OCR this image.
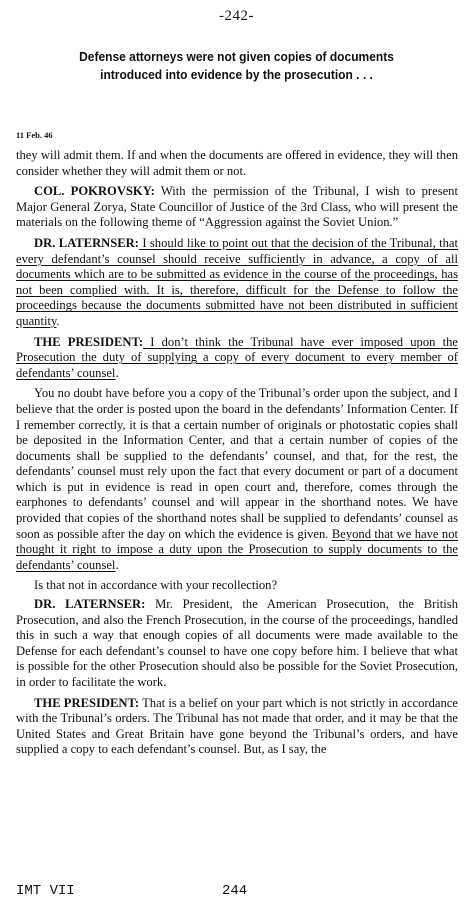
-242-
Defense attorneys were not given copies of documents
introduced into evidence by the prosecution . . .
11 Feb. 46

they will admit them. If and when the documents are offered in evidence, they will then consider whether they will admit them or not.

COL. POKROVSKY: With the permission of the Tribunal, I wish to present Major General Zorya, State Councillor of Justice of the 3rd Class, who will present the materials on the following theme of “Aggression against the Soviet Union.”

DR. LATERNSER: I should like to point out that the decision of the Tribunal, that every defendant’s counsel should receive sufficiently in advance, a copy of all documents which are to be submitted as evidence in the course of the proceedings, has not been complied with. It is, therefore, difficult for the Defense to follow the proceedings because the documents submitted have not been distributed in sufficient quantity.

THE PRESIDENT: I don’t think the Tribunal have ever imposed upon the Prosecution the duty of supplying a copy of every document to every member of defendants’ counsel.

You no doubt have before you a copy of the Tribunal’s order upon the subject, and I believe that the order is posted upon the board in the defendants’ Information Center. If I remember correctly, it is that a certain number of originals or photostatic copies shall be deposited in the Information Center, and that a certain number of copies of the documents shall be supplied to the defendants’ counsel, and that, for the rest, the defendants’ counsel must rely upon the fact that every document or part of a document which is put in evidence is read in open court and, therefore, comes through the earphones to defendants’ counsel and will appear in the shorthand notes. We have provided that copies of the shorthand notes shall be supplied to defendants’ counsel as soon as possible after the day on which the evidence is given. Beyond that we have not thought it right to impose a duty upon the Prosecution to supply documents to the defendants’ counsel.

Is that not in accordance with your recollection?

DR. LATERNSER: Mr. President, the American Prosecution, the British Prosecution, and also the French Prosecution, in the course of the proceedings, handled this in such a way that enough copies of all documents were made available to the Defense for each defendant’s counsel to have one copy before him. I believe that what is possible for the other Prosecution should also be possible for the Soviet Prosecution, in order to facilitate the work.

THE PRESIDENT: That is a belief on your part which is not strictly in accordance with the Tribunal’s orders. The Tribunal has not made that order, and it may be that the United States and Great Britain have gone beyond the Tribunal’s orders, and have supplied a copy to each defendant’s counsel. But, as I say, the

IMT VII	244
